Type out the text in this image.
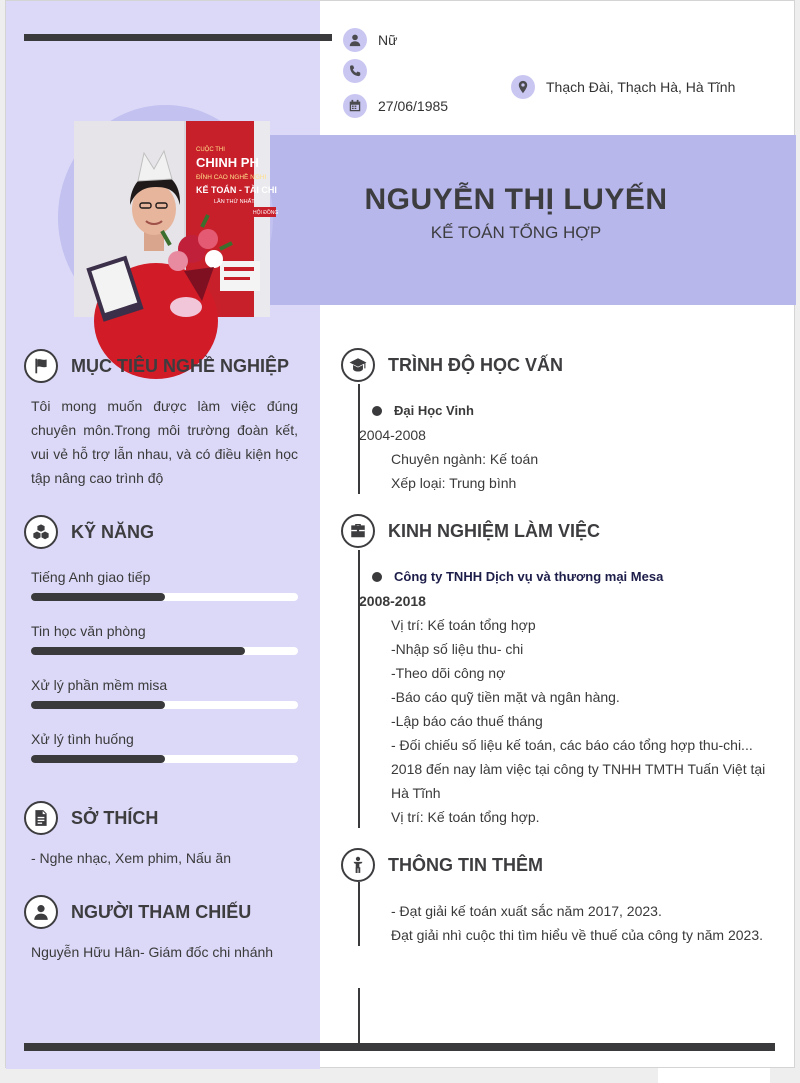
Nữ
27/06/1985
Thạch Đài, Thạch Hà, Hà Tĩnh
CUỘC THI
CHINH PH
ĐỈNH CAO NGHỀ NGHI
KẾ TOÁN - TÀI CHI
LẦN THỨ NHẤT
HỘI ĐỒNG	NGUYỄN THỊ LUYẾN
KẾ TOÁN TỔNG HỢP
MỤC TIÊU NGHỀ NGHIỆP
Tôi mong muốn được làm việc đúng
chuyên môn.Trong môi trường đoàn kết,
vui vẻ hỗ trợ lẫn nhau, và có điều kiện học
tập nâng cao trình độ
KỸ NĂNG
SỞ THÍCH
- Nghe nhạc, Xem phim, Nấu ăn
NGƯỜI THAM CHIẾU
Nguyễn Hữu Hân- Giám đốc chi nhánh
TRÌNH ĐỘ HỌC VẤN
Đại Học Vinh
2004-2008
Chuyên ngành: Kế toán
Xếp loại: Trung bình
KINH NGHIỆM LÀM VIỆC
Công ty TNHH Dịch vụ và thương mại Mesa
2008-2018
THÔNG TIN THÊM
- Đạt giải kế toán xuất sắc năm 2017, 2023.
Đạt giải nhì cuộc thi tìm hiểu về thuế của công ty năm 2023.
Tiếng Anh giao tiếp
Tin học văn phòng
Xử lý phần mềm misa
Xử lý tình huống
Vị trí: Kế toán tổng hợp
-Nhập số liệu thu- chi
-Theo dõi công nợ
-Báo cáo quỹ tiền mặt và ngân hàng.
-Lập báo cáo thuế tháng
- Đối chiếu số liệu kế toán, các báo cáo tổng hợp thu-chi...
2018 đến nay làm việc tại công ty TNHH TMTH Tuấn Việt tại
Hà Tĩnh
Vị trí: Kế toán tổng hợp.
